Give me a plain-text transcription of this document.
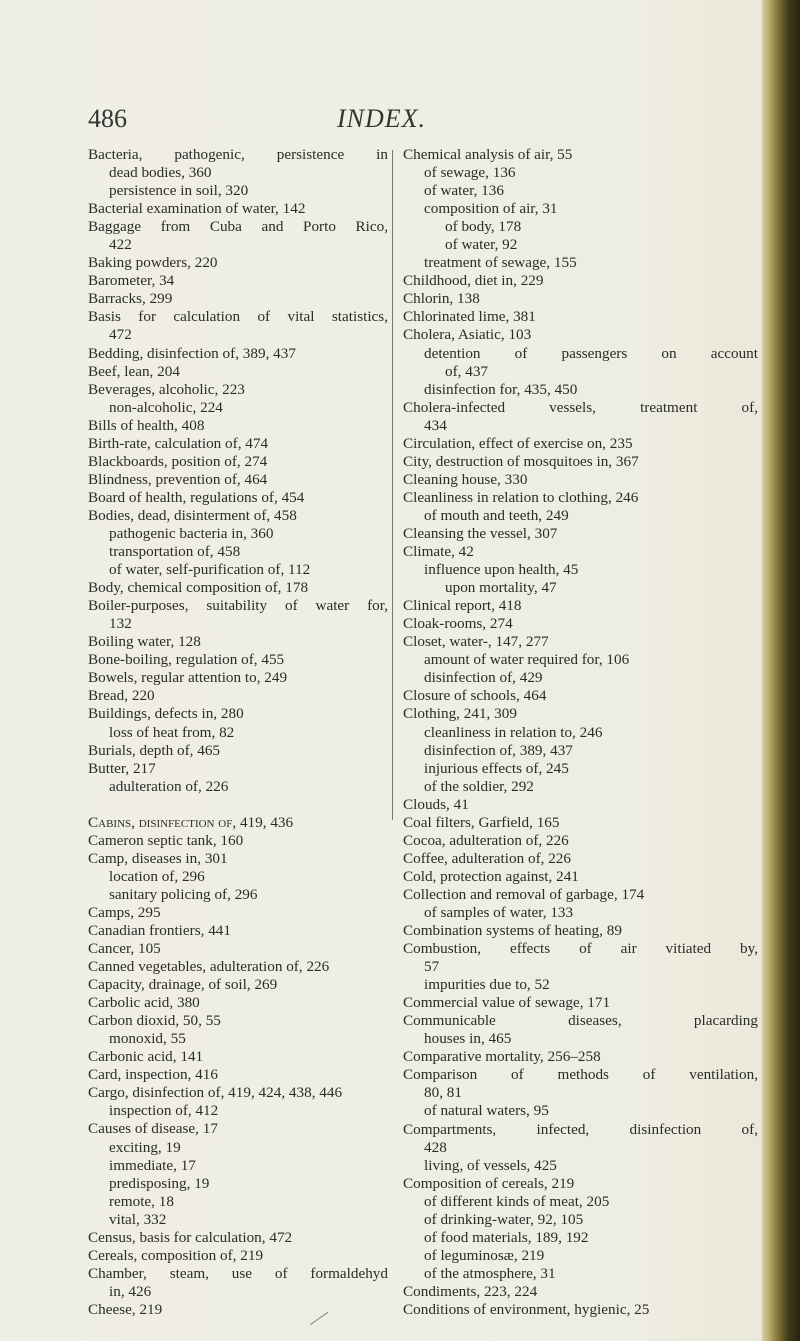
486	INDEX.
Bacteria, pathogenic, persistence in
dead bodies, 360
persistence in soil, 320
Bacterial examination of water, 142
Baggage from Cuba and Porto Rico,
422
Baking powders, 220
Barometer, 34
Barracks, 299
Basis for calculation of vital statistics,
472
Bedding, disinfection of, 389, 437
Beef, lean, 204
Beverages, alcoholic, 223
non-alcoholic, 224
Bills of health, 408
Birth-rate, calculation of, 474
Blackboards, position of, 274
Blindness, prevention of, 464
Board of health, regulations of, 454
Bodies, dead, disinterment of, 458
pathogenic bacteria in, 360
transportation of, 458
of water, self-purification of, 112
Body, chemical composition of, 178
Boiler-purposes, suitability of water for,
132
Boiling water, 128
Bone-boiling, regulation of, 455
Bowels, regular attention to, 249
Bread, 220
Buildings, defects in, 280
loss of heat from, 82
Burials, depth of, 465
Butter, 217
adulteration of, 226
Cabins, disinfection of, 419, 436
Cameron septic tank, 160
Camp, diseases in, 301
location of, 296
sanitary policing of, 296
Camps, 295
Canadian frontiers, 441
Cancer, 105
Canned vegetables, adulteration of, 226
Capacity, drainage, of soil, 269
Carbolic acid, 380
Carbon dioxid, 50, 55
monoxid, 55
Carbonic acid, 141
Card, inspection, 416
Cargo, disinfection of, 419, 424, 438, 446
inspection of, 412
Causes of disease, 17
exciting, 19
immediate, 17
predisposing, 19
remote, 18
vital, 332
Census, basis for calculation, 472
Cereals, composition of, 219
Chamber, steam, use of formaldehyd
in, 426
Cheese, 219
Chemical analysis of air, 55
of sewage, 136
of water, 136
composition of air, 31
of body, 178
of water, 92
treatment of sewage, 155
Childhood, diet in, 229
Chlorin, 138
Chlorinated lime, 381
Cholera, Asiatic, 103
detention of passengers on account
of, 437
disinfection for, 435, 450
Cholera-infected vessels, treatment of,
434
Circulation, effect of exercise on, 235
City, destruction of mosquitoes in, 367
Cleaning house, 330
Cleanliness in relation to clothing, 246
of mouth and teeth, 249
Cleansing the vessel, 307
Climate, 42
influence upon health, 45
upon mortality, 47
Clinical report, 418
Cloak-rooms, 274
Closet, water-, 147, 277
amount of water required for, 106
disinfection of, 429
Closure of schools, 464
Clothing, 241, 309
cleanliness in relation to, 246
disinfection of, 389, 437
injurious effects of, 245
of the soldier, 292
Clouds, 41
Coal filters, Garfield, 165
Cocoa, adulteration of, 226
Coffee, adulteration of, 226
Cold, protection against, 241
Collection and removal of garbage, 174
of samples of water, 133
Combination systems of heating, 89
Combustion, effects of air vitiated by,
57
impurities due to, 52
Commercial value of sewage, 171
Communicable diseases, placarding
houses in, 465
Comparative mortality, 256–258
Comparison of methods of ventilation,
80, 81
of natural waters, 95
Compartments, infected, disinfection of,
428
living, of vessels, 425
Composition of cereals, 219
of different kinds of meat, 205
of drinking-water, 92, 105
of food materials, 189, 192
of leguminosæ, 219
of the atmosphere, 31
Condiments, 223, 224
Conditions of environment, hygienic, 25
